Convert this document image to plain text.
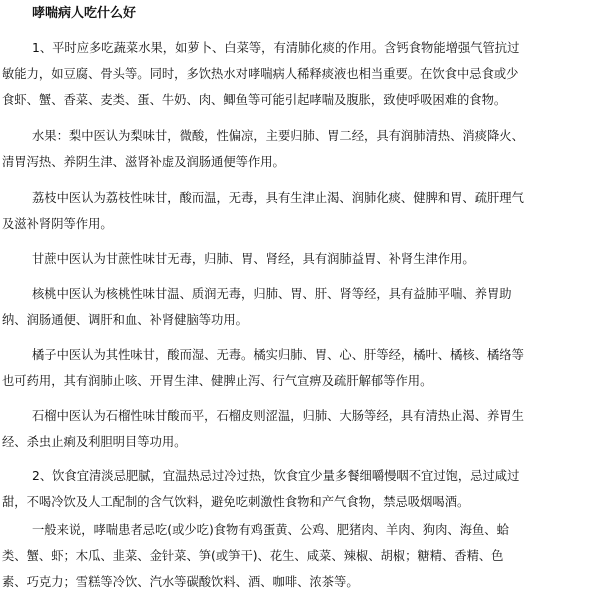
哮喘病人吃什么好
1、平时应多吃蔬菜水果，如萝卜、白菜等，有清肺化痰的作用。含钙食物能增强气管抗过
敏能力，如豆腐、骨头等。同时，多饮热水对哮喘病人稀释痰液也相当重要。在饮食中忌食或少
食虾、蟹、香菜、麦类、蛋、牛奶、肉、鲫鱼等可能引起哮喘及腹胀，致使呼吸困难的食物。
水果：梨中医认为梨味甘，微酸，性偏凉，主要归肺、胃二经，具有润肺清热、消痰降火、
清胃泻热、养阴生津、滋肾补虚及润肠通便等作用。
荔枝中医认为荔枝性味甘，酸而温，无毒，具有生津止渴、润肺化痰、健脾和胃、疏肝理气
及滋补肾阴等作用。
甘蔗中医认为甘蔗性味甘无毒，归肺、胃、肾经，具有润肺益胃、补肾生津作用。
核桃中医认为核桃性味甘温、质润无毒，归肺、胃、肝、肾等经，具有益肺平喘、养胃助
纳、润肠通便、调肝和血、补肾健脑等功用。
橘子中医认为其性味甘，酸而湿、无毒。橘实归肺、胃、心、肝等经，橘叶、橘核、橘络等
也可药用，其有润肺止咳、开胃生津、健脾止泻、行气宣痹及疏肝解郁等作用。
石榴中医认为石榴性味甘酸而平，石榴皮则涩温，归肺、大肠等经，具有清热止渴、养胃生
经、杀虫止痢及利胆明目等功用。
2、饮食宜清淡忌肥腻，宜温热忌过冷过热，饮食宜少量多餐细嚼慢咽不宜过饱，忌过咸过
甜，不喝冷饮及人工配制的含气饮料，避免吃刺激性食物和产气食物，禁忌吸烟喝酒。
一般来说，哮喘患者忌吃(或少吃)食物有鸡蛋黄、公鸡、肥猪肉、羊肉、狗肉、海鱼、蛤
类、蟹、虾；木瓜、韭菜、金针菜、笋(或笋干)、花生、咸菜、辣椒、胡椒；糖精、香精、色
素、巧克力；雪糕等冷饮、汽水等碳酸饮料、酒、咖啡、浓茶等。
